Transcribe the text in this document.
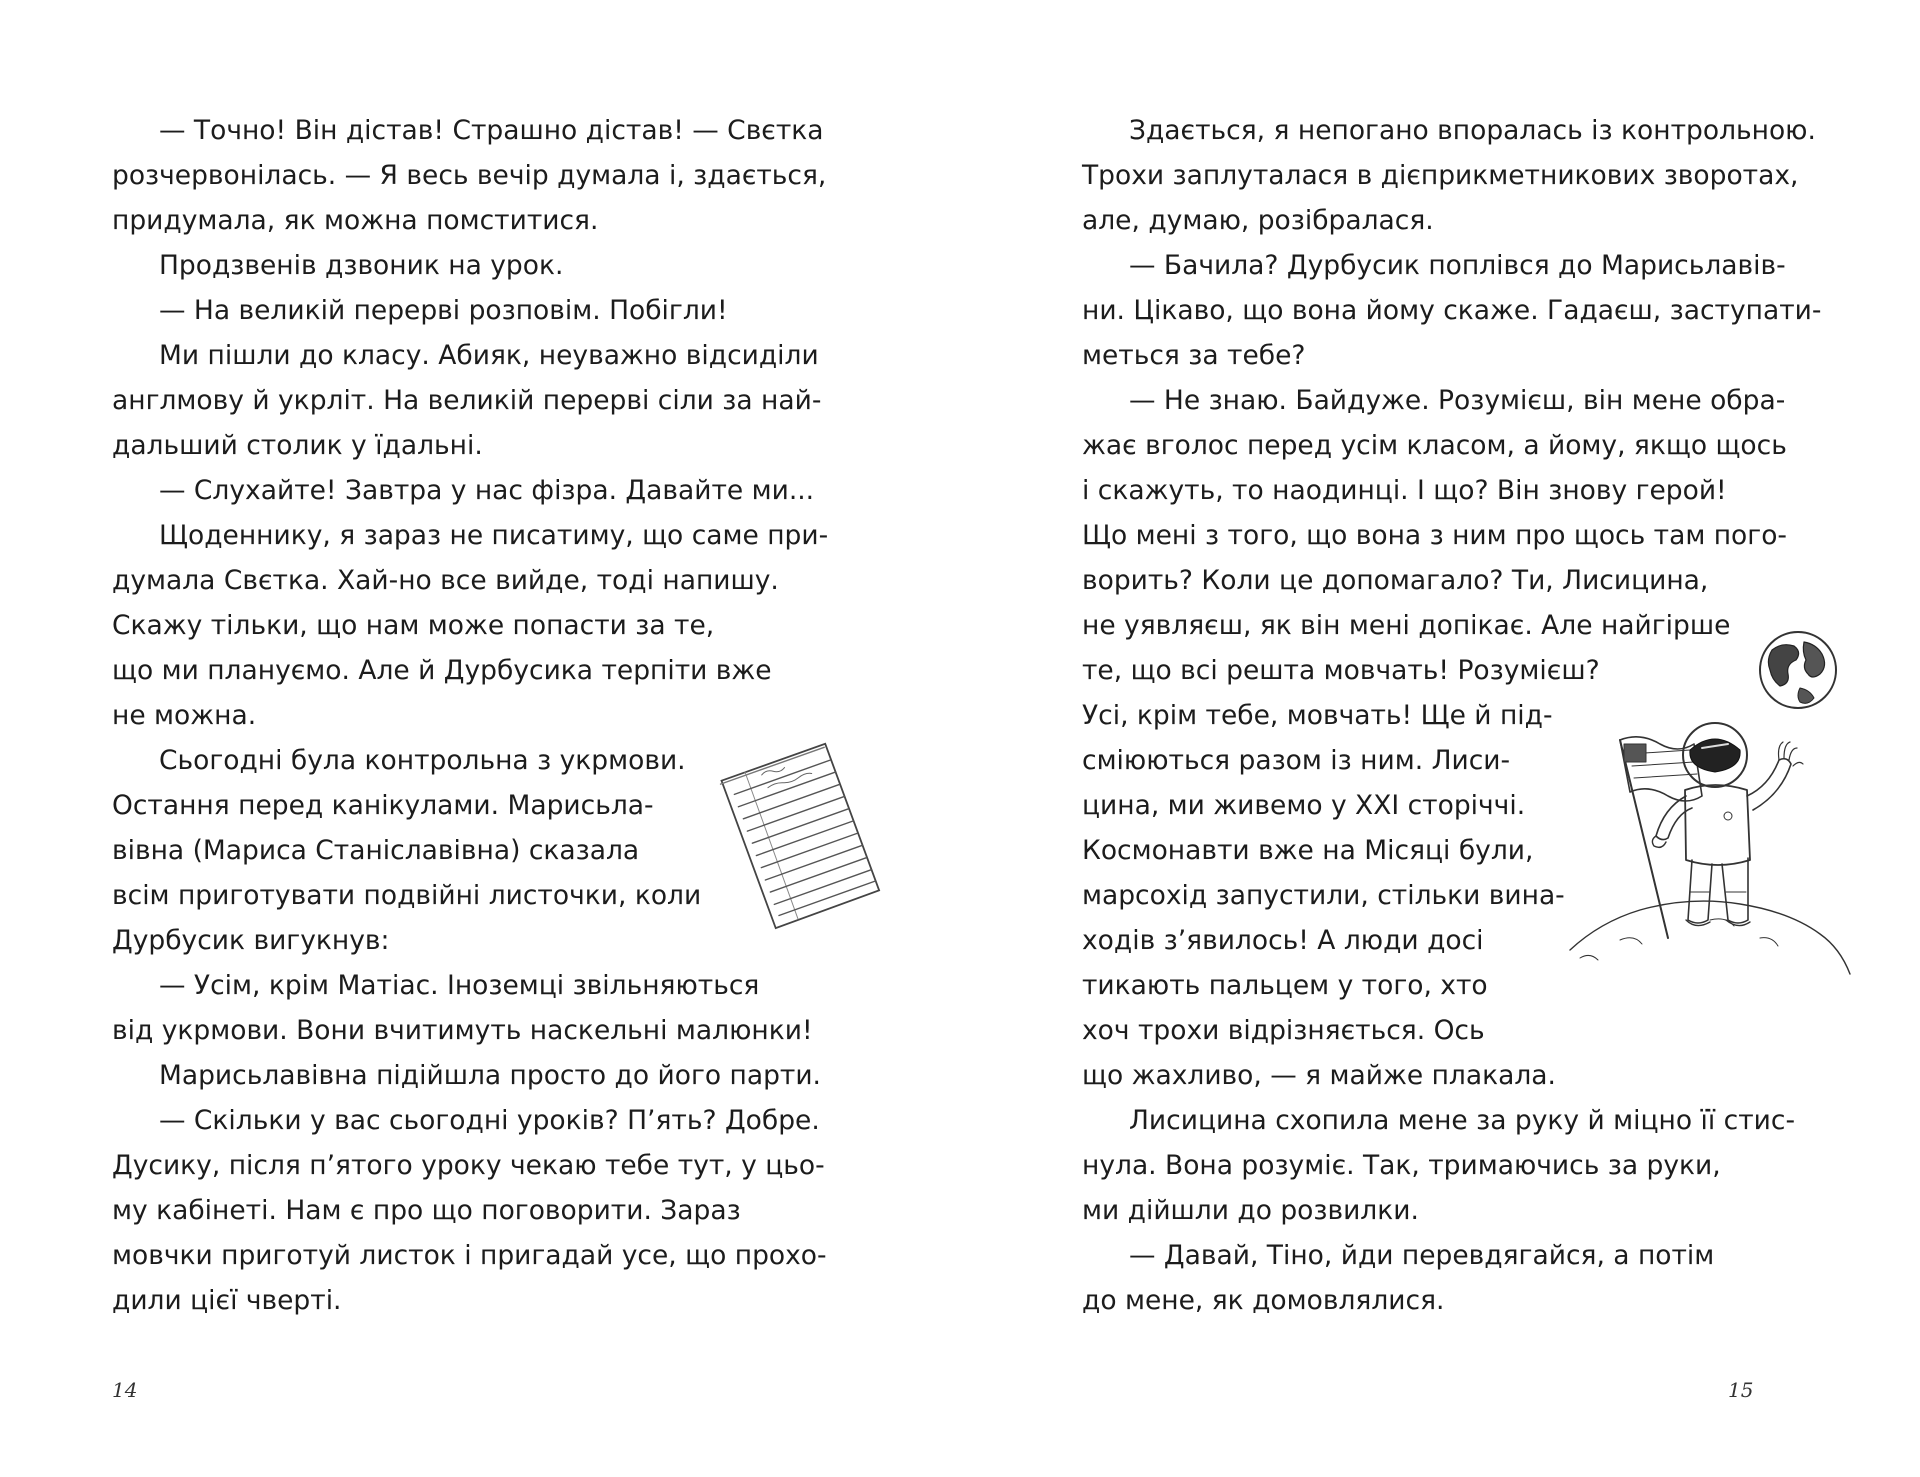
— Точно! Він дістав! Страшно дістав! — Свєтка
розчервонілась. — Я весь вечір думала і, здається,
придумала, як можна помститися.
Продзвенів дзвоник на урок.
— На великій перерві розповім. Побігли!
Ми пішли до класу. Абияк, неуважно відсиділи
англмову й укрліт. На великій перерві сіли за най-
дальший столик у їдальні.
— Слухайте! Завтра у нас фізра. Давайте ми...
Щоденнику, я зараз не писатиму, що саме при-
думала Свєтка. Хай-но все вийде, тоді напишу.
Скажу тільки, що нам може попасти за те,
що ми плануємо. Але й Дурбусика терпіти вже
не можна.
Сьогодні була контрольна з укрмови.
Остання перед канікулами. Марисьла-
вівна (Мариса Станіславівна) сказала
всім приготувати подвійні листочки, коли
Дурбусик вигукнув:
— Усім, крім Матіас. Іноземці звільняються
від укрмови. Вони вчитимуть наскельні малюнки!
Марисьлавівна підійшла просто до його парти.
— Скільки у вас сьогодні уроків? П’ять? Добре.
Дусику, після п’ятого уроку чекаю тебе тут, у цьо-
му кабінеті. Нам є про що поговорити. Зараз
мовчки приготуй листок і пригадай усе, що прохо-
дили цієї чверті.
Здається, я непогано впоралась із контрольною.
Трохи заплуталася в дієприкметникових зворотах,
але, думаю, розібралася.
— Бачила? Дурбусик поплівся до Марисьлавів-
ни. Цікаво, що вона йому скаже. Гадаєш, заступати-
меться за тебе?
— Не знаю. Байдуже. Розумієш, він мене обра-
жає вголос перед усім класом, а йому, якщо щось
і скажуть, то наодинці. І що? Він знову герой!
Що мені з того, що вона з ним про щось там пого-
ворить? Коли це допомагало? Ти, Лисицина,
не уявляєш, як він мені допікає. Але найгірше
те, що всі решта мовчать! Розумієш?
Усі, крім тебе, мовчать! Ще й під-
сміюються разом із ним. Лиси-
цина, ми живемо у XXI сторіччі.
Космонавти вже на Місяці були,
марсохід запустили, стільки вина-
ходів з’явилось! А люди досі
тикають пальцем у того, хто
хоч трохи відрізняється. Ось
що жахливо, — я майже плакала.
Лисицина схопила мене за руку й міцно її стис-
нула. Вона розуміє. Так, тримаючись за руки,
ми дійшли до розвилки.
— Давай, Тіно, йди перевдягайся, а потім
до мене, як домовлялися.
14	15
